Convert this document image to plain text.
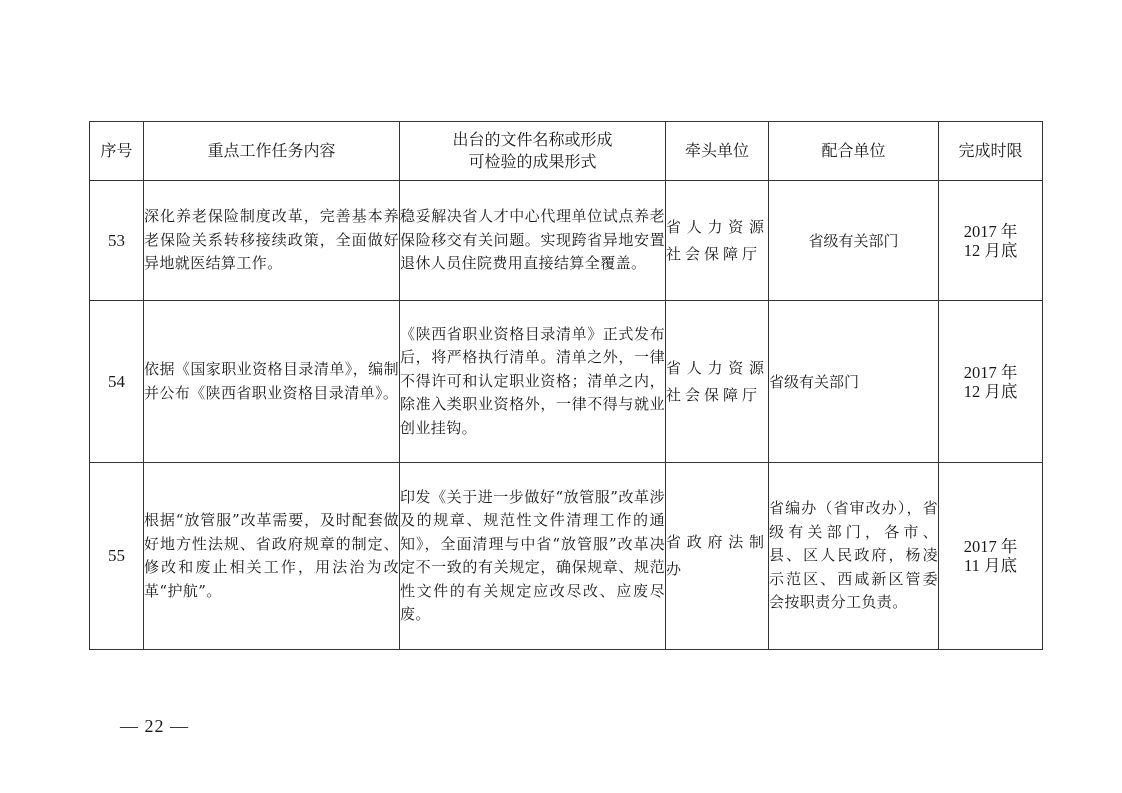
序号	重点工作任务内容	出台的文件名称或形成
可检验的成果形式	牵头单位	配合单位	完成时限
53	深化养老保险制度改革，完善基本养老保险关系转移接续政策，全面做好异地就医结算工作。	稳妥解决省人才中心代理单位试点养老保险移交有关问题。实现跨省异地安置退休人员住院费用直接结算全覆盖。	省人力资源社会保障厅	省级有关部门	2017 年
12 月底

54	依据《国家职业资格目录清单》，编制并公布《陕西省职业资格目录清单》。	《陕西省职业资格目录清单》正式发布后，将严格执行清单。清单之外，一律不得许可和认定职业资格；清单之内，除准入类职业资格外，一律不得与就业创业挂钩。	省人力资源社会保障厅	省级有关部门	2017 年
12 月底

55	根据“放管服”改革需要，及时配套做好地方性法规、省政府规章的制定、修改和废止相关工作，用法治为改革“护航”。	印发《关于进一步做好“放管服”改革涉及的规章、规范性文件清理工作的通知》，全面清理与中省“放管服”改革决定不一致的有关规定，确保规章、规范性文件的有关规定应改尽改、应废尽废。	省政府法制办	省编办（省审改办），省级有关部门，各市、县、区人民政府，杨凌示范区、西咸新区管委会按职责分工负责。	2017 年
11 月底
— 22 —
